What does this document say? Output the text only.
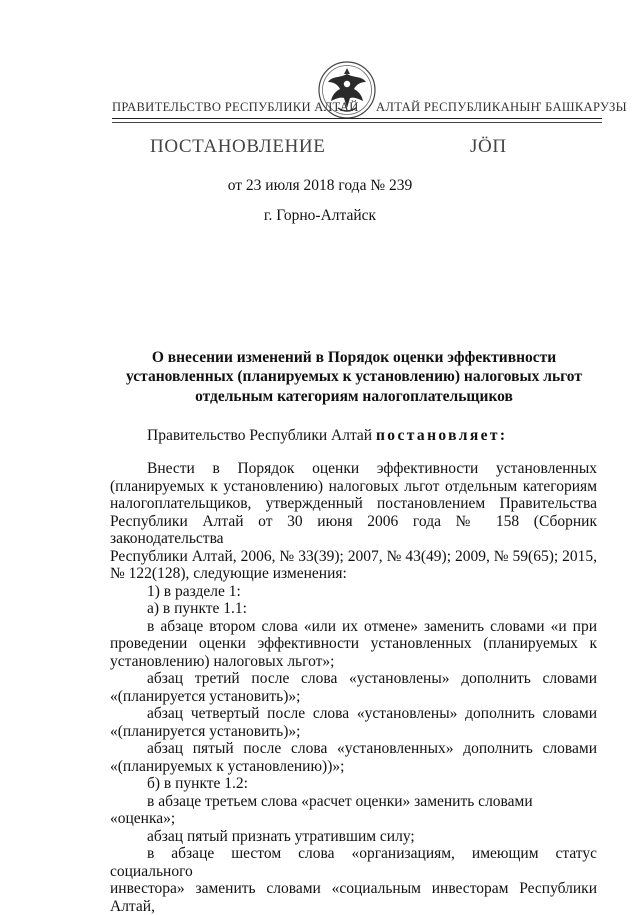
ПРАВИТЕЛЬСТВО РЕСПУБЛИКИ АЛТАЙ АЛТАЙ РЕСПУБЛИКАНЫҤ БАШКАРУЗЫ
ПОСТАНОВЛЕНИЕ	JÖП
от 23 июля 2018 года № 239
г. Горно-Алтайск
О внесении изменений в Порядок оценки эффективности
установленных (планируемых к установлению) налоговых льгот
отдельным категориям налогоплательщиков
Правительство Республики Алтай постановляет:

Внести в Порядок оценки эффективности установленных

(планируемых к установлению) налоговых льгот отдельным категориям

налогоплательщиков, утвержденный постановлением Правительства

Республики Алтай от 30 июня 2006 года № 158 (Сборник законодательства

Республики Алтай, 2006, № 33(39); 2007, № 43(49); 2009, № 59(65); 2015,

№ 122(128), следующие изменения:

1) в разделе 1:

а) в пункте 1.1:

в абзаце втором слова «или их отмене» заменить словами «и при

проведении оценки эффективности установленных (планируемых к

установлению) налоговых льгот»;

абзац третий после слова «установлены» дополнить словами

«(планируется установить)»;

абзац четвертый после слова «установлены» дополнить словами

«(планируется установить)»;

абзац пятый после слова «установленных» дополнить словами

«(планируемых к установлению))»;

б) в пункте 1.2:

в абзаце третьем слова «расчет оценки» заменить словами «оценка»;

абзац пятый признать утратившим силу;

в абзаце шестом слова «организациям, имеющим статус социального

инвестора» заменить словами «социальным инвесторам Республики Алтай,
